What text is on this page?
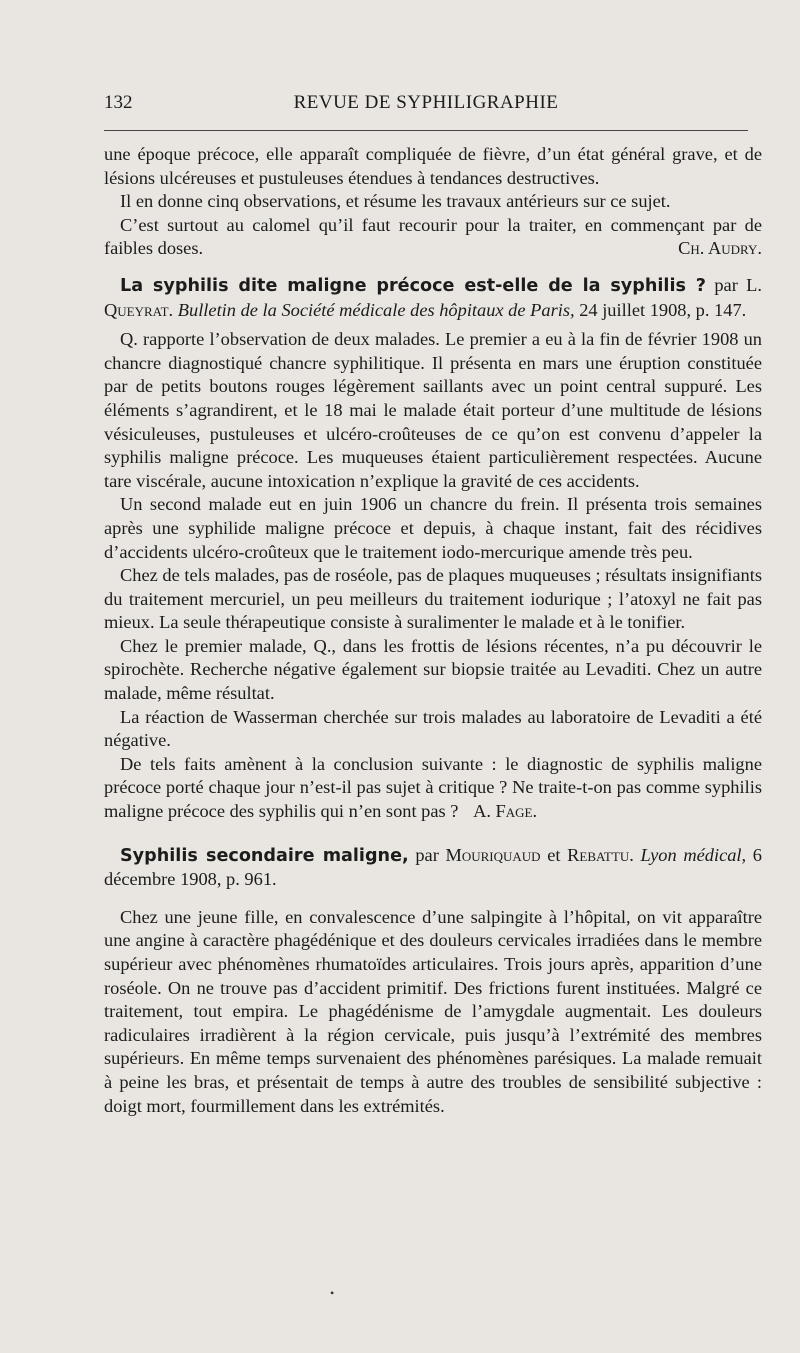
132	REVUE DE SYPHILIGRAPHIE

une époque précoce, elle apparaît compliquée de fièvre, d’un état général grave, et de lésions ulcéreuses et pustuleuses étendues à tendances destructives.

Il en donne cinq observations, et résume les travaux antérieurs sur ce sujet.

C’est surtout au calomel qu’il faut recourir pour la traiter, en commençant par de faibles doses.	Ch. Audry.

La syphilis dite maligne précoce est-elle de la syphilis ? par L. Queyrat. Bulletin de la Société médicale des hôpitaux de Paris, 24 juillet 1908, p. 147.

Q. rapporte l’observation de deux malades. Le premier a eu à la fin de février 1908 un chancre diagnostiqué chancre syphilitique. Il présenta en mars une éruption constituée par de petits boutons rouges légèrement saillants avec un point central suppuré. Les éléments s’agrandirent, et le 18 mai le malade était porteur d’une multitude de lésions vésiculeuses, pustuleuses et ulcéro-croûteuses de ce qu’on est convenu d’appeler la syphilis maligne précoce. Les muqueuses étaient particulièrement respectées. Aucune tare viscérale, aucune intoxication n’explique la gravité de ces accidents.

Un second malade eut en juin 1906 un chancre du frein. Il présenta trois semaines après une syphilide maligne précoce et depuis, à chaque instant, fait des récidives d’accidents ulcéro-croûteux que le traitement iodo-mercurique amende très peu.

Chez de tels malades, pas de roséole, pas de plaques muqueuses ; résultats insignifiants du traitement mercuriel, un peu meilleurs du traitement iodurique ; l’atoxyl ne fait pas mieux. La seule thérapeutique consiste à suralimenter le malade et à le tonifier.

Chez le premier malade, Q., dans les frottis de lésions récentes, n’a pu découvrir le spirochète. Recherche négative également sur biopsie traitée au Levaditi. Chez un autre malade, même résultat.

La réaction de Wasserman cherchée sur trois malades au laboratoire de Levaditi a été négative.

De tels faits amènent à la conclusion suivante : le diagnostic de syphilis maligne précoce porté chaque jour n’est-il pas sujet à critique ? Ne traite-t-on pas comme syphilis maligne précoce des syphilis qui n’en sont pas ? A. Fage.

Syphilis secondaire maligne, par Mouriquaud et Rebattu. Lyon médical, 6 décembre 1908, p. 961.

Chez une jeune fille, en convalescence d’une salpingite à l’hôpital, on vit apparaître une angine à caractère phagédénique et des douleurs cervicales irradiées dans le membre supérieur avec phénomènes rhumatoïdes articulaires. Trois jours après, apparition d’une roséole. On ne trouve pas d’accident primitif. Des frictions furent instituées. Malgré ce traitement, tout empira. Le phagédénisme de l’amygdale augmentait. Les douleurs radiculaires irradièrent à la région cervicale, puis jusqu’à l’extrémité des membres supérieurs. En même temps survenaient des phénomènes parésiques. La malade remuait à peine les bras, et présentait de temps à autre des troubles de sensibilité subjective : doigt mort, fourmillement dans les extrémités.

•
